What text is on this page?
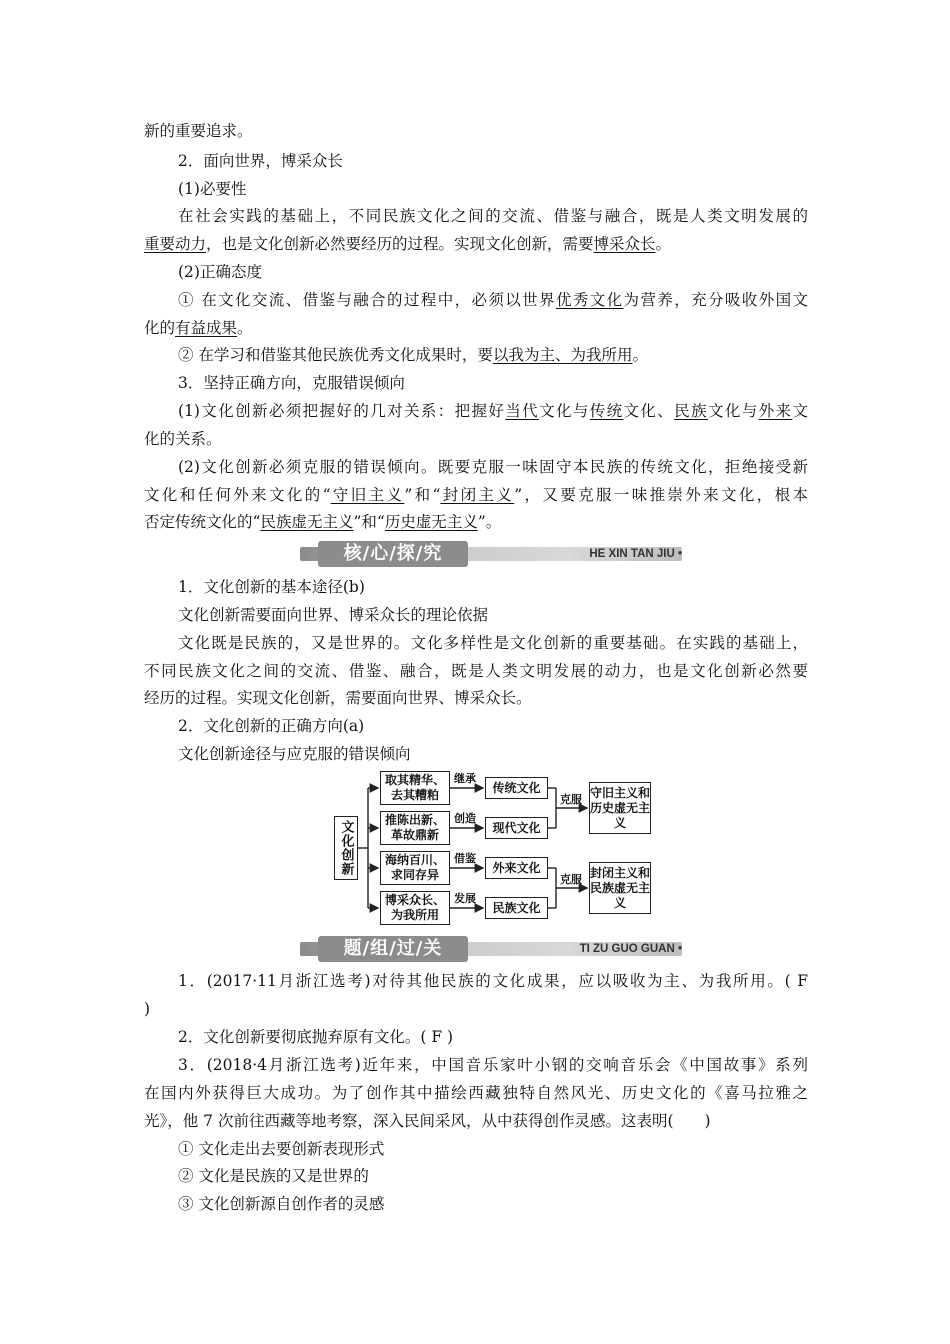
新的重要追求。
2．面向世界，博采众长
(1)必要性
在社会实践的基础上，不同民族文化之间的交流、借鉴与融合，既是人类文明发展的
重要动力，也是文化创新必然要经历的过程。实现文化创新，需要博采众长。
(2)正确态度
① 在文化交流、借鉴与融合的过程中，必须以世界优秀文化为营养，充分吸收外国文
化的有益成果。
② 在学习和借鉴其他民族优秀文化成果时，要以我为主、为我所用。
3．坚持正确方向，克服错误倾向
(1)文化创新必须把握好的几对关系：把握好当代文化与传统文化、民族文化与外来文
化的关系。
(2)文化创新必须克服的错误倾向。既要克服一味固守本民族的传统文化，拒绝接受新
文化和任何外来文化的“守旧主义”和“封闭主义”，又要克服一味推崇外来文化，根本
否定传统文化的“民族虚无主义”和“历史虚无主义”。
核/心/探/究	HE XIN TAN JIU •
1．文化创新的基本途径(b)
文化创新需要面向世界、博采众长的理论依据
文化既是民族的，又是世界的。文化多样性是文化创新的重要基础。在实践的基础上，
不同民族文化之间的交流、借鉴、融合，既是人类文明发展的动力，也是文化创新必然要
经历的过程。实现文化创新，需要面向世界、博采众长。
2．文化创新的正确方向(a)
文化创新途径与应克服的错误倾向
文化创新
取其精华、去其糟粕
推陈出新、革故鼎新
海纳百川、求同存异
博采众长、为我所用
继承
创造
借鉴
发展
传统文化
现代文化
外来文化
民族文化
克服
克服
守旧主义和历史虚无主义
封闭主义和民族虚无主义
题/组/过/关	TI ZU GUO GUAN •
1．(2017·11月浙江选考)对待其他民族的文化成果，应以吸收为主、为我所用。( F
)
2．文化创新要彻底抛弃原有文化。( F )
3．(2018·4月浙江选考)近年来，中国音乐家叶小钢的交响音乐会《中国故事》系列
在国内外获得巨大成功。为了创作其中描绘西藏独特自然风光、历史文化的《喜马拉雅之
光》，他 7 次前往西藏等地考察，深入民间采风，从中获得创作灵感。这表明(　　)
① 文化走出去要创新表现形式
② 文化是民族的又是世界的
③ 文化创新源自创作者的灵感
